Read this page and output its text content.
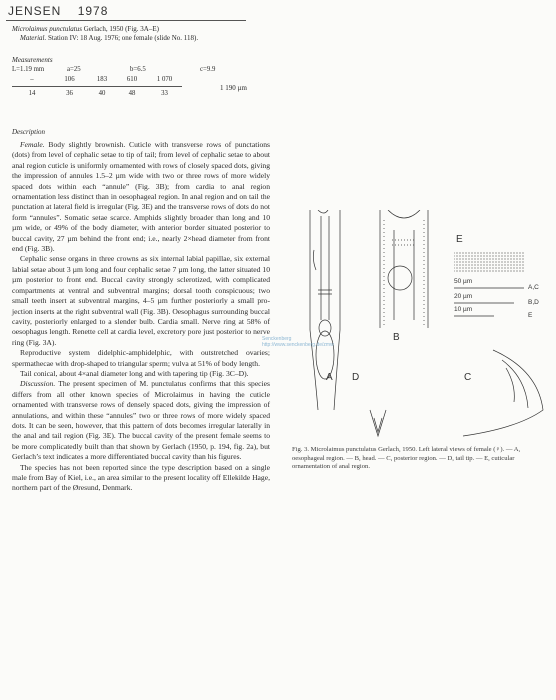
JENSEN 1978
Microlaimus punctulatus Gerlach, 1950 (Fig. 3A–E)
Material. Station IV: 18 Aug. 1976; one female (slide No. 118).
Measurements
L=1.19 mm	a=25	b=6.5	c=9.9
–	106	183	610	1 070
14	36	40	48	33
1 190 µm
Description

Female. Body slightly brownish. Cuticle with transverse rows of punctations (dots) from level of cephalic setae to tip of tail; from level of cephalic setae to about anal region cuticle is uniformly ornamented with rows of closely spaced dots, giving the impression of annules 1.5–2 µm wide with two or three rows of more widely spaced dots within each “annule” (Fig. 3B); from cardia to anal region ornamentation less distinct than in oesophageal region. In anal region and on tail the punctation at lateral field is irregular (Fig. 3E) and the transverse rows of dots do not form “annules”. Somatic setae scarce. Amphids slightly broader than long and 10 µm wide, or 49% of the body diameter, with anterior border situated posterior to buccal cavity, 27 µm behind the front end; i.e., nearly 2×head diameter from front end (Fig. 3B).

Cephalic sense organs in three crowns as six internal labial papillae, six external labial setae about 3 µm long and four cephalic setae 7 µm long, the latter situated 10 µm posterior to front end. Buccal cavity strongly sclerotized, with complicated compartments at ventral and subventral margins; dorsal tooth conspicuous; two small teeth insert at subventral margins, 4–5 µm further posteriorly a small pro-jection inserts at the right subventral wall (Fig. 3B). Oesophagus surrounding buccal cavity, posteriorly enlarged to a slender bulb. Cardia small. Nerve ring at 58% of oesophagus length. Renette cell at cardia level, excretory pore just posterior to nerve ring (Fig. 3A).

Reproductive system didelphic-amphidelphic, with outstretched ovaries; spermathecae with drop-shaped to triangular sperm; vulva at 51% of body length.

Tail conical, about 4×anal diameter long and with tapering tip (Fig. 3C–D).

Discussion. The present specimen of M. punctulatus confirms that this species differs from all other known species of Microlaimus in having the cuticle ornamented with transverse rows of densely spaced dots, giving the impression of annulations, and within these “annules” two or three rows of more widely spaced dots. It can be seen, however, that this pattern of dots becomes irregular laterally in the anal and tail region (Fig. 3E). The buccal cavity of the present female seems to be more complicatedly built than that shown by Gerlach (1950, p. 194, fig. 2a), but Gerlach’s text indicates a more differentiated buccal cavity than his figures.

The species has not been reported since the type description based on a single male from Bay of Kiel, i.e., an area similar to the present locality off Ellekilde Hage, northern part of the Øresund, Denmark.

A
B
C
D
E
50 µm
A,C
20 µm
B,D
10 µm
E
Senckenberg
http://www.senckenberg.de/zmw
Fig. 3. Microlaimus punctulatus Gerlach, 1950. Left lateral views of female (♀). — A, oesophageal region. — B, head. — C, posterior region. — D, tail tip. — E, cuticular ornamentation of anal region.
